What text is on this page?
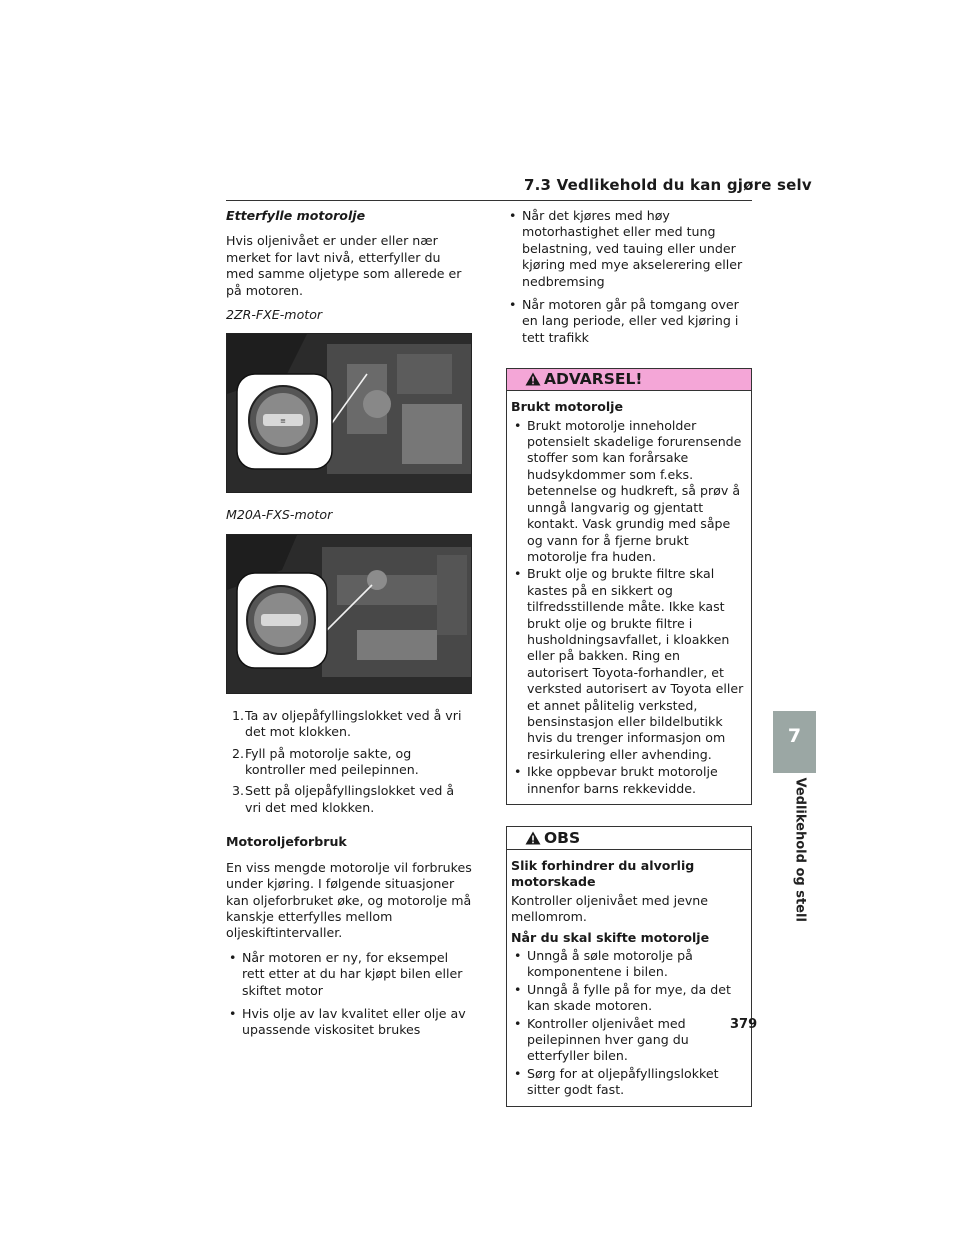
7.3 Vedlikehold du kan gjøre selv

Etterfylle motorolje

Hvis oljenivået er under eller nær merket for lavt nivå, etterfyller du med samme oljetype som allerede er på motoren.

2ZR-FXE-motor

≡

M20A-FXS-motor

1. Ta av oljepåfyllingslokket ved å vri det mot klokken.
2. Fyll på motorolje sakte, og kontroller med peilepinnen.
3. Sett på oljepåfyllingslokket ved å vri det med klokken.

Motoroljeforbruk

En viss mengde motorolje vil forbrukes under kjøring. I følgende situasjoner kan oljeforbruket øke, og motorolje må kanskje etterfylles mellom oljeskiftintervaller.

• Når motoren er ny, for eksempel rett etter at du har kjøpt bilen eller skiftet motor
• Hvis olje av lav kvalitet eller olje av upassende viskositet brukes
• Når det kjøres med høy motorhastighet eller med tung belastning, ved tauing eller under kjøring med mye akselerering eller nedbremsing
• Når motoren går på tomgang over en lang periode, eller ved kjøring i tett trafikk
ADVARSEL!

Brukt motorolje

• Brukt motorolje inneholder potensielt skadelige forurensende stoffer som kan forårsake hudsykdommer som f.eks. betennelse og hudkreft, så prøv å unngå langvarig og gjentatt kontakt. Vask grundig med såpe og vann for å fjerne brukt motorolje fra huden.
• Brukt olje og brukte filtre skal kastes på en sikkert og tilfredsstillende måte. Ikke kast brukt olje og brukte filtre i husholdningsavfallet, i kloakken eller på bakken. Ring en autorisert Toyota-forhandler, et verksted autorisert av Toyota eller et annet pålitelig verksted, bensinstasjon eller bildelbutikk hvis du trenger informasjon om resirkulering eller avhending.
• Ikke oppbevar brukt motorolje innenfor barns rekkevidde.
OBS

Slik forhindrer du alvorlig motorskade

Kontroller oljenivået med jevne mellomrom.

Når du skal skifte motorolje

• Unngå å søle motorolje på komponentene i bilen.
• Unngå å fylle på for mye, da det kan skade motoren.
• Kontroller oljenivået med peilepinnen hver gang du etterfyller bilen.
• Sørg for at oljepåfyllingslokket sitter godt fast.
379
7
Vedlikehold og stell
